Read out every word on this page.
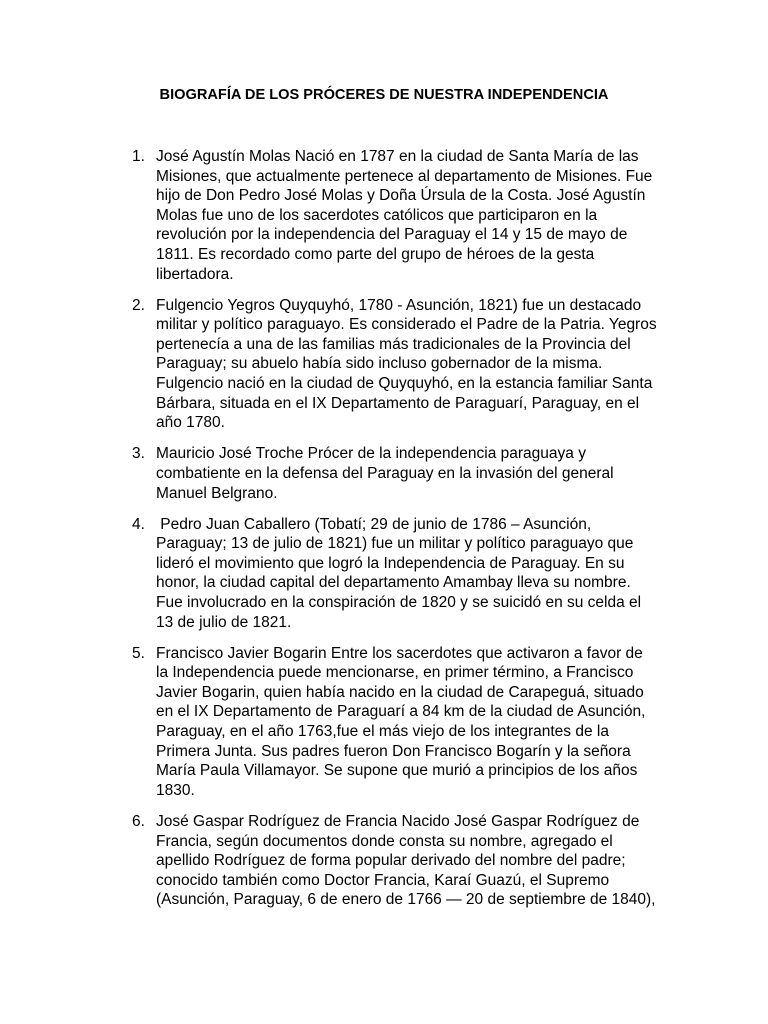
BIOGRAFÍA DE LOS PRÓCERES DE NUESTRA INDEPENDENCIA
1. José Agustín Molas Nació en 1787 en la ciudad de Santa María de las
Misiones, que actualmente pertenece al departamento de Misiones. Fue
hijo de Don Pedro José Molas y Doña Úrsula de la Costa. José Agustín
Molas fue uno de los sacerdotes católicos que participaron en la
revolución por la independencia del Paraguay el 14 y 15 de mayo de
1811. Es recordado como parte del grupo de héroes de la gesta
libertadora.
2. Fulgencio Yegros Quyquyhó, 1780 - Asunción, 1821) fue un destacado
militar y político paraguayo. Es considerado el Padre de la Patria. Yegros
pertenecía a una de las familias más tradicionales de la Provincia del
Paraguay; su abuelo había sido incluso gobernador de la misma.
Fulgencio nació en la ciudad de Quyquyhó, en la estancia familiar Santa
Bárbara, situada en el IX Departamento de Paraguarí, Paraguay, en el
año 1780.
3. Mauricio José Troche Prócer de la independencia paraguaya y
combatiente en la defensa del Paraguay en la invasión del general
Manuel Belgrano.
4. Pedro Juan Caballero (Tobatí; 29 de junio de 1786 – Asunción,
Paraguay; 13 de julio de 1821) fue un militar y político paraguayo que
lideró el movimiento que logró la Independencia de Paraguay. En su
honor, la ciudad capital del departamento Amambay lleva su nombre.
Fue involucrado en la conspiración de 1820 y se suicidó en su celda el
13 de julio de 1821.
5. Francisco Javier Bogarin Entre los sacerdotes que activaron a favor de
la Independencia puede mencionarse, en primer término, a Francisco
Javier Bogarin, quien había nacido en la ciudad de Carapeguá, situado
en el IX Departamento de Paraguarí a 84 km de la ciudad de Asunción,
Paraguay, en el año 1763,fue el más viejo de los integrantes de la
Primera Junta. Sus padres fueron Don Francisco Bogarín y la señora
María Paula Villamayor. Se supone que murió a principios de los años
1830.
6. José Gaspar Rodríguez de Francia Nacido José Gaspar Rodríguez de
Francia, según documentos donde consta su nombre, agregado el
apellido Rodríguez de forma popular derivado del nombre del padre;
conocido también como Doctor Francia, Karaí Guazú, el Supremo
(Asunción, Paraguay, 6 de enero de 1766 — 20 de septiembre de 1840),
